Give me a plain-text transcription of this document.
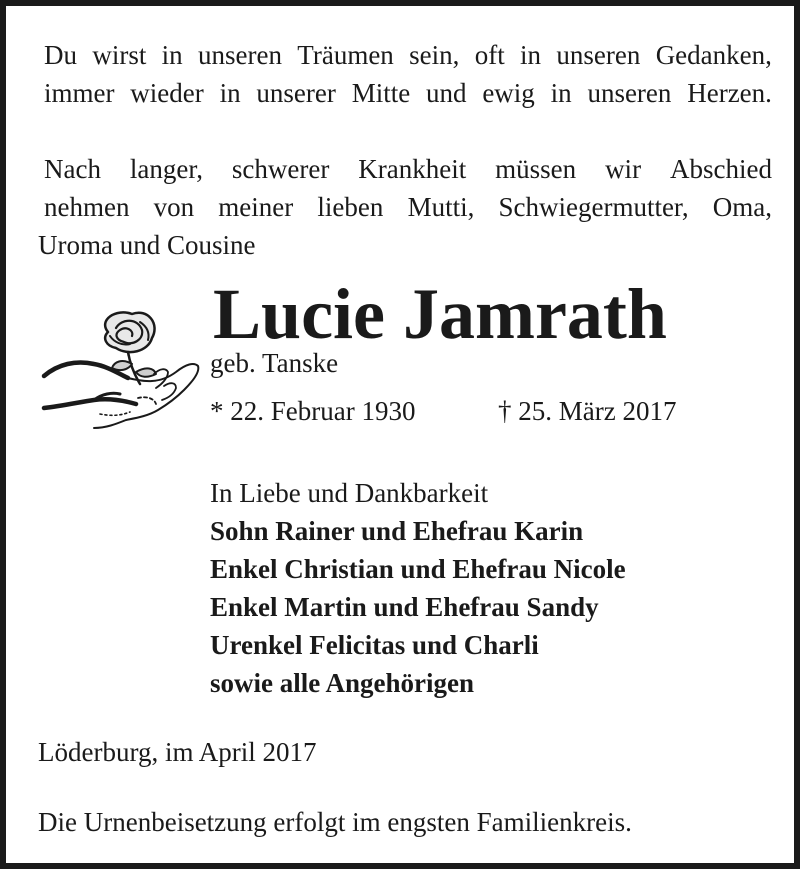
Du wirst in unseren Träumen sein, oft in unseren Gedanken,
immer wieder in unserer Mitte und ewig in unseren Herzen.
Nach langer, schwerer Krankheit müssen wir Abschied
nehmen von meiner lieben Mutti, Schwiegermutter, Oma,

Uroma und Cousine

Lucie Jamrath

geb. Tanske

* 22. Februar 1930	† 25. März 2017

In Liebe und Dankbarkeit

Sohn Rainer und Ehefrau Karin

Enkel Christian und Ehefrau Nicole

Enkel Martin und Ehefrau Sandy

Urenkel Felicitas und Charli

sowie alle Angehörigen

Löderburg, im April 2017

Die Urnenbeisetzung erfolgt im engsten Familienkreis.
